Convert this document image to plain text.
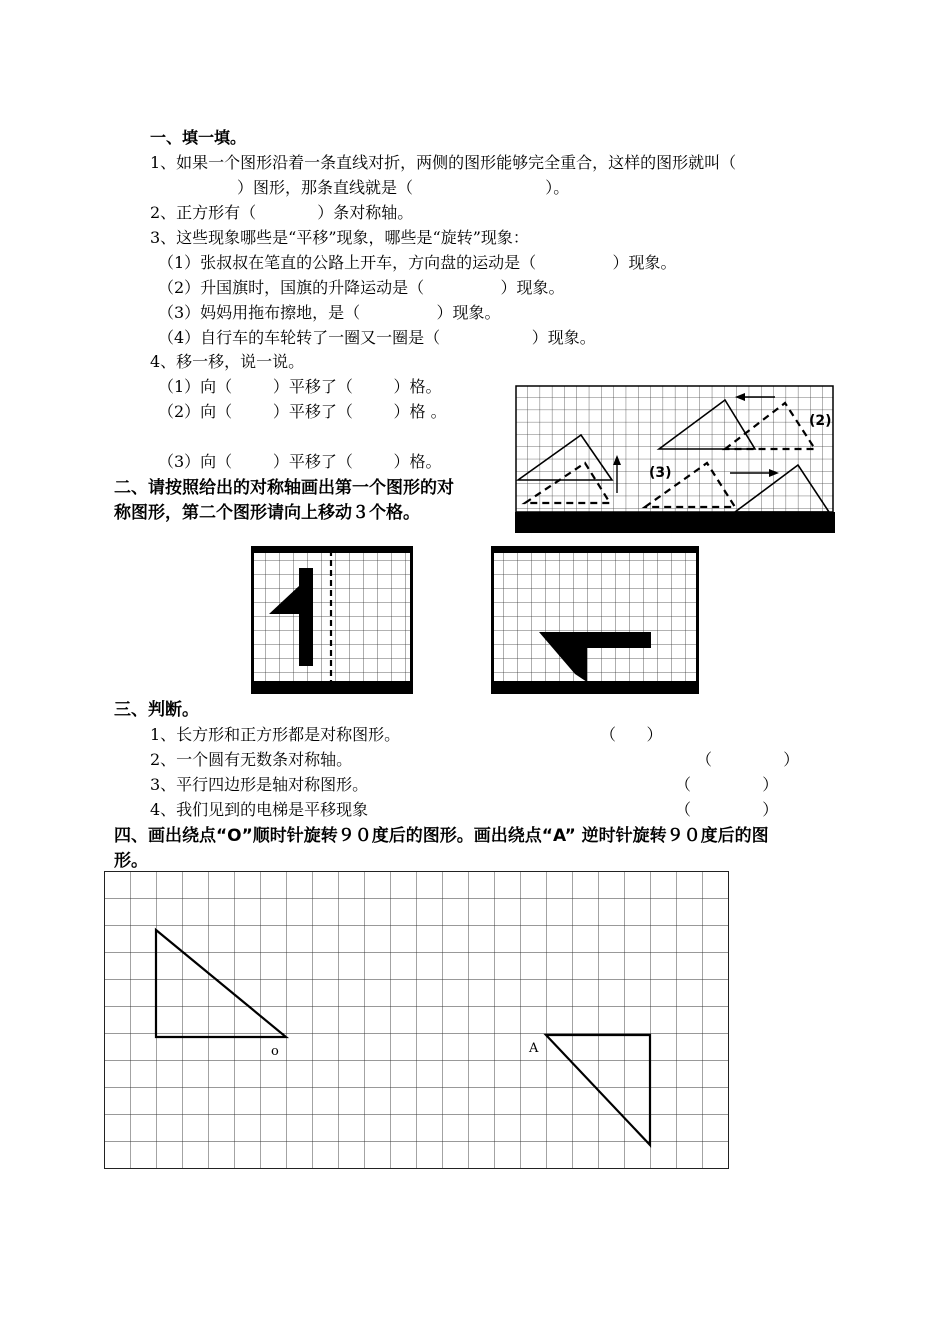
一、填一填。
1、如果一个图形沿着一条直线对折，两侧的图形能够完全重合，这样的图形就叫（
）图形，那条直线就是（                          ）。
2、正方形有（            ）条对称轴。
3、这些现象哪些是“平移”现象，哪些是“旋转”现象：
（1）张叔叔在笔直的公路上开车，方向盘的运动是（               ）现象。
（2）升国旗时，国旗的升降运动是（               ）现象。
（3）妈妈用拖布擦地，是（               ）现象。
（4）自行车的车轮转了一圈又一圈是（                  ）现象。
4、移一移，说一说。
（1）向（        ）平移了（        ）格。
（2）向（        ）平移了（        ）格 。
（3）向（        ）平移了（        ）格。
(2)
(3)
二、请按照给出的对称轴画出第一个图形的对
称图形，第二个图形请向上移动３个格。
三、判断。
1、长方形和正方形都是对称图形。	（      ）
2、一个圆有无数条对称轴。	（              ）
3、平行四边形是轴对称图形。	（              ）
4、我们见到的电梯是平移现象	（              ）
四、画出绕点“O”顺时针旋转９０度后的图形。画出绕点“A” 逆时针旋转９０度后的图
形。
o	A
